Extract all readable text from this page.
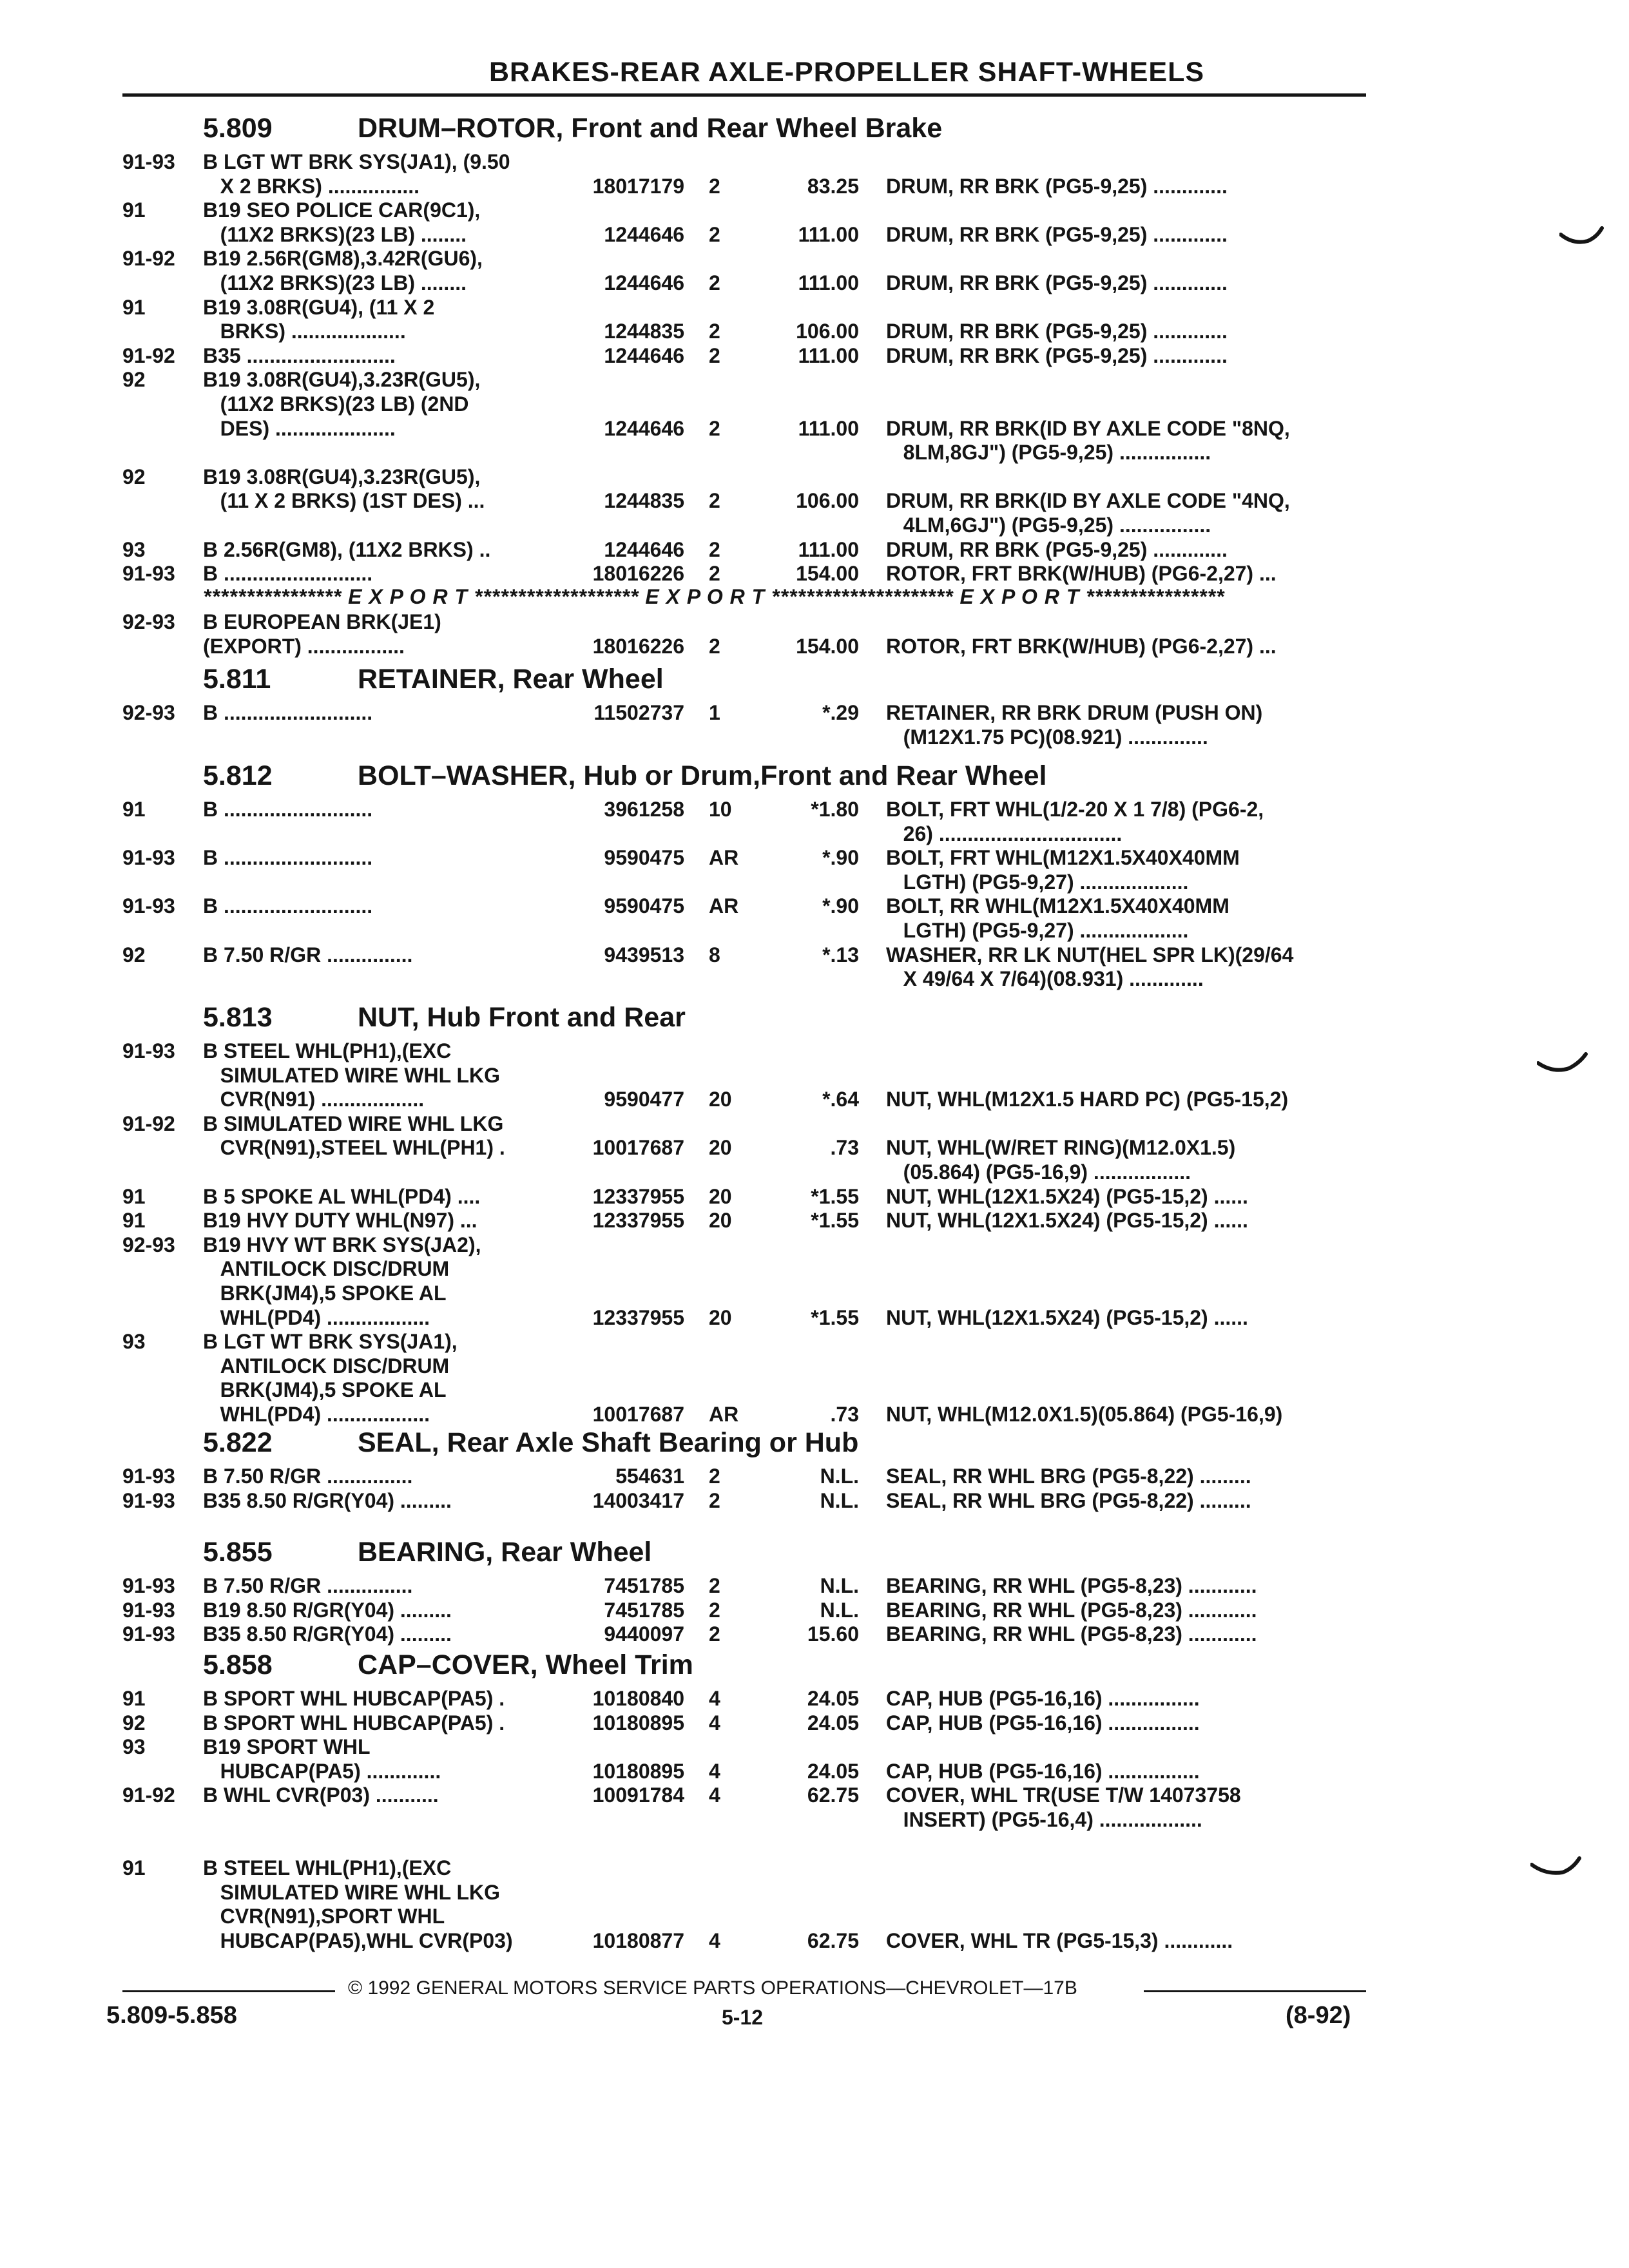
BRAKES-REAR AXLE-PROPELLER SHAFT-WHEELS
5.809	DRUM–ROTOR, Front and Rear Wheel Brake
91-93 B LGT WT BRK SYS(JA1), (9.50
X 2 BRKS) ................	18017179 2	83.25 DRUM, RR BRK (PG5-9,25) .............
91	B19 SEO POLICE CAR(9C1),
(11X2 BRKS)(23 LB) ........	1244646 2	111.00 DRUM, RR BRK (PG5-9,25) .............
91-92 B19 2.56R(GM8),3.42R(GU6),
(11X2 BRKS)(23 LB) ........	1244646 2	111.00 DRUM, RR BRK (PG5-9,25) .............
91	B19 3.08R(GU4), (11 X 2
BRKS) ....................	1244835 2	106.00 DRUM, RR BRK (PG5-9,25) .............
91-92 B35 ..........................	1244646 2	111.00 DRUM, RR BRK (PG5-9,25) .............
92	B19 3.08R(GU4),3.23R(GU5),
(11X2 BRKS)(23 LB) (2ND
DES) .....................	1244646 2	111.00 DRUM, RR BRK(ID BY AXLE CODE "8NQ,
8LM,8GJ") (PG5-9,25) ................
92	B19 3.08R(GU4),3.23R(GU5),
(11 X 2 BRKS) (1ST DES) ...	1244835 2	106.00 DRUM, RR BRK(ID BY AXLE CODE "4NQ,
4LM,6GJ") (PG5-9,25) ................
93	B 2.56R(GM8), (11X2 BRKS) ..	1244646 2	111.00 DRUM, RR BRK (PG5-9,25) .............
91-93 B ..........................	18016226 2	154.00 ROTOR, FRT BRK(W/HUB) (PG6-2,27) ...
**************** E X P O R T ******************* E X P O R T ********************* E X P O R T ****************
92-93 B EUROPEAN BRK(JE1)
(EXPORT) .................	18016226 2	154.00 ROTOR, FRT BRK(W/HUB) (PG6-2,27) ...
5.811	RETAINER, Rear Wheel
92-93 B ..........................	11502737 1	*.29 RETAINER, RR BRK DRUM (PUSH ON)
(M12X1.75 PC)(08.921) ..............
5.812	BOLT–WASHER, Hub or Drum,Front and Rear Wheel
91	B ..........................	3961258 10	*1.80 BOLT, FRT WHL(1/2-20 X 1 7/8) (PG6-2,
26) ................................
91-93 B ..........................	9590475 AR	*.90 BOLT, FRT WHL(M12X1.5X40X40MM
LGTH) (PG5-9,27) ...................
91-93 B ..........................	9590475 AR	*.90 BOLT, RR WHL(M12X1.5X40X40MM
LGTH) (PG5-9,27) ...................
92	B 7.50 R/GR ...............	9439513 8	*.13 WASHER, RR LK NUT(HEL SPR LK)(29/64
X 49/64 X 7/64)(08.931) .............
5.813	NUT, Hub Front and Rear
91-93 B STEEL WHL(PH1),(EXC
SIMULATED WIRE WHL LKG
CVR(N91) ..................	9590477 20	*.64 NUT, WHL(M12X1.5 HARD PC) (PG5-15,2)
91-92 B SIMULATED WIRE WHL LKG
CVR(N91),STEEL WHL(PH1) .	10017687 20	.73 NUT, WHL(W/RET RING)(M12.0X1.5)
(05.864) (PG5-16,9) .................
91	B 5 SPOKE AL WHL(PD4) ....	12337955 20	*1.55 NUT, WHL(12X1.5X24) (PG5-15,2) ......
91	B19 HVY DUTY WHL(N97) ...	12337955 20	*1.55 NUT, WHL(12X1.5X24) (PG5-15,2) ......
92-93 B19 HVY WT BRK SYS(JA2),
ANTILOCK DISC/DRUM
BRK(JM4),5 SPOKE AL
WHL(PD4) ..................	12337955 20	*1.55 NUT, WHL(12X1.5X24) (PG5-15,2) ......
93	B LGT WT BRK SYS(JA1),
ANTILOCK DISC/DRUM
BRK(JM4),5 SPOKE AL
WHL(PD4) ..................	10017687 AR	.73 NUT, WHL(M12.0X1.5)(05.864) (PG5-16,9)
5.822	SEAL, Rear Axle Shaft Bearing or Hub
91-93 B 7.50 R/GR ...............	554631 2	N.L. SEAL, RR WHL BRG (PG5-8,22) .........
91-93 B35 8.50 R/GR(Y04) .........	14003417 2	N.L. SEAL, RR WHL BRG (PG5-8,22) .........
5.855	BEARING, Rear Wheel
91-93 B 7.50 R/GR ...............	7451785 2	N.L. BEARING, RR WHL (PG5-8,23) ............
91-93 B19 8.50 R/GR(Y04) .........	7451785 2	N.L. BEARING, RR WHL (PG5-8,23) ............
91-93 B35 8.50 R/GR(Y04) .........	9440097 2	15.60 BEARING, RR WHL (PG5-8,23) ............
5.858	CAP–COVER, Wheel Trim
91	B SPORT WHL HUBCAP(PA5) .	10180840 4	24.05 CAP, HUB (PG5-16,16) ................
92	B SPORT WHL HUBCAP(PA5) .	10180895 4	24.05 CAP, HUB (PG5-16,16) ................
93	B19 SPORT WHL
HUBCAP(PA5) .............	10180895 4	24.05 CAP, HUB (PG5-16,16) ................
91-92 B WHL CVR(P03) ...........	10091784 4	62.75 COVER, WHL TR(USE T/W 14073758
INSERT) (PG5-16,4) ..................
91	B STEEL WHL(PH1),(EXC
SIMULATED WIRE WHL LKG
CVR(N91),SPORT WHL
HUBCAP(PA5),WHL CVR(P03)	10180877 4	62.75 COVER, WHL TR (PG5-15,3) ............
© 1992 GENERAL MOTORS SERVICE PARTS OPERATIONS—CHEVROLET—17B
5.809-5.858	5-12	(8-92)
